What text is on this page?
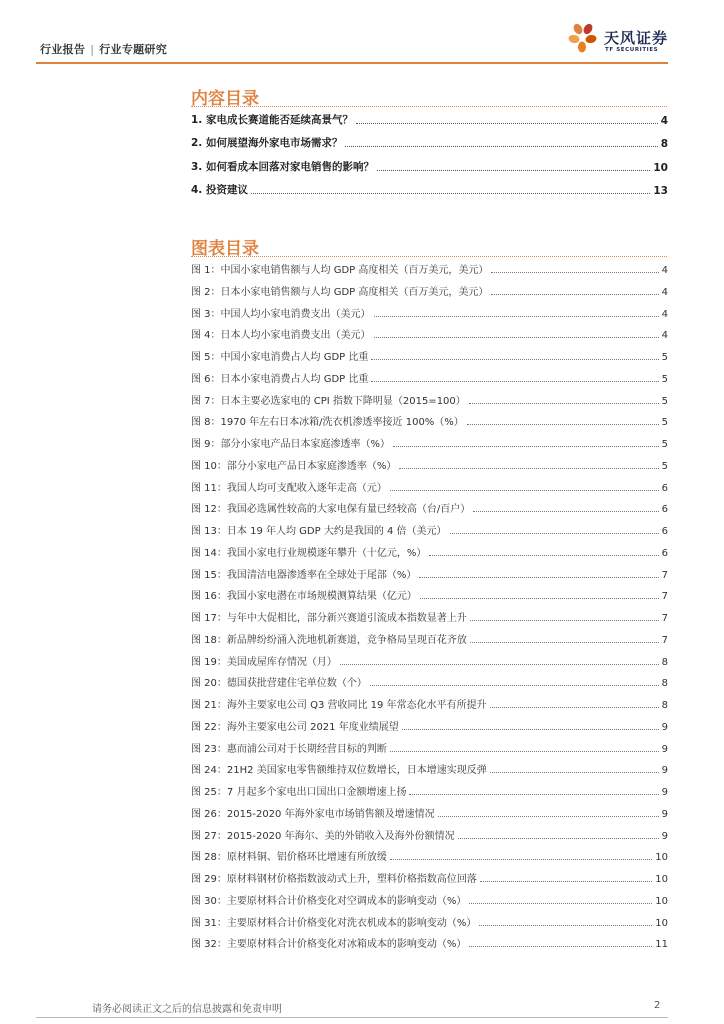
行业报告 | 行业专题研究
天风证券
TF SECURITIES
内容目录
1. 家电成长赛道能否延续高景气？	4
2. 如何展望海外家电市场需求？	8
3. 如何看成本回落对家电销售的影响？	10
4. 投资建议	13
图表目录
图 1：中国小家电销售额与人均 GDP 高度相关（百万美元，美元）	4
图 2：日本小家电销售额与人均 GDP 高度相关（百万美元，美元）	4
图 3：中国人均小家电消费支出（美元）	4
图 4：日本人均小家电消费支出（美元）	4
图 5：中国小家电消费占人均 GDP 比重	5
图 6：日本小家电消费占人均 GDP 比重	5
图 7：日本主要必选家电的 CPI 指数下降明显（2015=100）	5
图 8：1970 年左右日本冰箱/洗衣机渗透率接近 100%（%）	5
图 9：部分小家电产品日本家庭渗透率（%）	5
图 10：部分小家电产品日本家庭渗透率（%）	5
图 11：我国人均可支配收入逐年走高（元）	6
图 12：我国必选属性较高的大家电保有量已经较高（台/百户）	6
图 13：日本 19 年人均 GDP 大约是我国的 4 倍（美元）	6
图 14：我国小家电行业规模逐年攀升（十亿元，%）	6
图 15：我国清洁电器渗透率在全球处于尾部（%）	7
图 16：我国小家电潜在市场规模测算结果（亿元）	7
图 17：与年中大促相比，部分新兴赛道引流成本指数显著上升	7
图 18：新品牌纷纷涌入洗地机新赛道，竞争格局呈现百花齐放	7
图 19：美国成屋库存情况（月）	8
图 20：德国获批营建住宅单位数（个）	8
图 21：海外主要家电公司 Q3 营收同比 19 年常态化水平有所提升	8
图 22：海外主要家电公司 2021 年度业绩展望	9
图 23：惠而浦公司对于长期经营目标的判断	9
图 24：21H2 美国家电零售额维持双位数增长，日本增速实现反弹	9
图 25：7 月起多个家电出口国出口金额增速上扬	9
图 26：2015-2020 年海外家电市场销售额及增速情况	9
图 27：2015-2020 年海尔、美的外销收入及海外份额情况	9
图 28：原材料铜、铝价格环比增速有所放缓	10
图 29：原材料钢材价格指数波动式上升，塑料价格指数高位回落	10
图 30：主要原材料合计价格变化对空调成本的影响变动（%）	10
图 31：主要原材料合计价格变化对洗衣机成本的影响变动（%）	10
图 32：主要原材料合计价格变化对冰箱成本的影响变动（%）	11
请务必阅读正文之后的信息披露和免责申明	2
